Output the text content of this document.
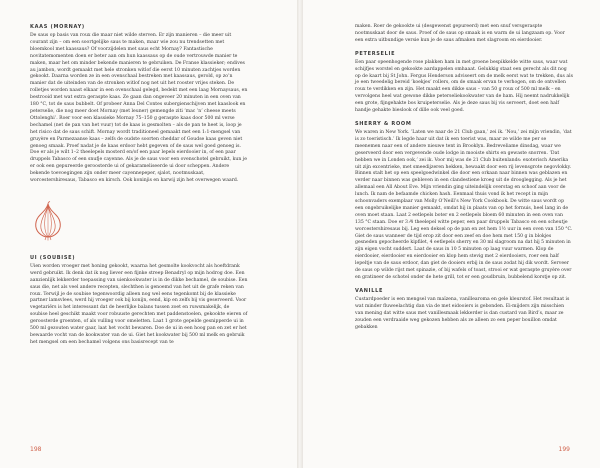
KAAS (MORNAY)

De saus op basis van roux die maar niet wilde sterven. Er zijn manieren – die meer uit courant zijn – om een soortgelijke saus te maken, maar wie zou nu trendsetten met bloemkool met kaassaus? Of voorzijdelen met saus echt Mornay? Fantastische novitatemomenten doen er beter aan om hun kaassaus op de oude vertrouwde manier te maken, maar het om minder bekende manieren te gebruiken. De Franse klassieker; endives au jambon, wordt gemaakt met hele stronken witlof die eerst 10 minuten zachtjes worden gekookt. Daarna worden ze in een ovenschaal bestreken met kaassaus, gerold, op zo’n manier dat de uiteinden van de stronken witlof nog net uit het rooster vrijes steken. De rolletjes worden naast elkaar in een ovenschaal gelegd, bedekt met een laag Mornaysaus, en bestrooid met wat extra geraspte kaas. Ze gaan dan ongeveer 20 minuten in een oven van 180 °C, tot de saus bubbelt. Of probeer Anna Del Contes subergienschijven met kaaslook en peterselie, die nog meer doet Mornay (met leuner) gemengde ziti ‘mac ’n’ cheese meets Ottolenghi’. Roer voor een klassieke Mornay 75–150 g geraspte kaas door 500 ml verse bechamel (net de pan van het vuur) tot de kaas is gesmolten – als de pan te heet is, loop je het risico dat de saus schift. Mornay wordt traditioneel gemaakt met een 1:1-mengsel van gruyère en Parmezaanse kaas – zelfs de oudste soorten cheddar of Goudse kaas geven niet genoeg smaak. Proef nadat je de kaas erdoor hebt gegeven of de saus wel goed genoeg is. Doe er als je wilt 1–2 theelepels mosterd en/of een paar lepels eierdooier in, of een paar druppels Tabasco of een snufje cayenne. Als je de saus voor een ovenschotel gebruikt, kun je er ook een gepureerde geroosterde ui of gekarameliseerde ui door scheppen. Andere bekende toevoegingen zijn onder meer cayennepeper, sjalot, nootmuskaat, worcestershiresaus, Tabasco en kirsch. Ook koninjis en karwij zijn het overwegen waard.

UI (SOUBISE)

Uien worden vroeger met honing gekookt, waarna het gesmolte kookvocht als hoeftdrank werd gebruikt. Ik denk dat ik nog liever een fijnke streep Benadryl op mijn hodrog doe. Een aanzienlijk lekkerder toepassing van uienkookwater is in de dikke bechamel, de soubise. Een saus die, net als veel andere recepten, slechthen is genoemd van het uit de grafe reken van roux. Terwijl je de soubise tegenwoordig alleen nog wel eens tegenkomt bij de klassieke partner lamsvlees, werd hij vroeger ook bij konijn, eend, kip en zelfs bij vis geserveerd. Voor vegetariërs is het interessant dat de heerlijke balans tussen zoet en ruwsmakelijk, de soubise heel geschikt maakt voor robuuste gerechten met paddenstoelen, gekookte eieren of geroosterde groenten, of als vulling voor omeletten. Laat 1 grote gepelde gesnipperde ui in 500 ml gezouten water gaar, laat het vocht bewaren. Doe de ui in een hoog pan en zet er het bewaarde vocht van de kookwater van de ui. Giet het kookwater bij 500 ml melk en gebruik het mengsel om een bechamel volgens ons basisrecept van te

198

maken. Roer de gekookte ui (desgewenst gepureerd) met een snuf versgeraspte nootmuskaat door de saus. Proef of de saus op smaak is en warm de ui langzaam op. Voor een extra uitbundige versie kun je de saus afmaken met slagroom en eierdooier.

PETERSELIE

Een paar opeenhogende rose plakken ham in met groene bespikkelde witte saus, waar wat schijfjes worstel en gekookte aardappelen omhaaat. Gelukkig staat een gerecht als dit nog op de kaart bij St John. Fergus Henderson adviseert om de melk eerst wat te trekken, dus als je een tweedelig bereid ‘koekjes’ rollers, om de smaak ervan te verhogen, om de ontvellen roux te verdikken en zijn. Het maakt een dikke saus – van 50 g roux of 500 ml melk – en vervolgens heel wat gewone dikke peterseliekookwater van de ham. Hij neemt nadrukkelijk een grote, fijngehakte bos kruipeterselie. Als je deze saus bij vis serveert, doet een half handje gehakte bieslook of dille ook veel goed.

SHERRY & ROOM

We waren in New York. ‘Laten we naar de 21 Club gaan,’ zei ik. ‘Nou,’ zei mijn vriendin, ‘dat is zo toeristisch.’ Ik legde haar uit dat ik een toerist was, maar ze wilde me per se meenemen naar een of andere nieuwe tent in Brooklyn. Bedreveliame dinsdag, waar we geserveerd door een vergevende oude lodge in mooiste shirts en gewaste snorren. ‘Dat hebben we in Londen ook,’ zei ik. Voor mij was de 21 Club buitenlands: exoterisch Amerika uit zijn excentrieke, met smeedijzeren hekken, hewaakt door een rij levensgrote negovlokky. Binnen stalt het op een speelgoedwinkel die door een orkaan naar binnen was geblazen en verder naar binnen was gebleven in een clandestiene kroeg uit de drooglegging. Als je het allemaal een All About Eve. Mijn vriendin ging uiteindelijk overstag en schoof aan voor de lunch. Ik nam de befaamde chicken hash. Eenmaal thuis vond ik het recept in mijn schoonvaders exemplaar van Molly O’Neill’s New York Cookbook. De witte saus wordt op een ongebruikelijke manier gemaakt, omdat hij in plaats van op het fornuis, heel lang in de oven moet staan. Laat 2 eetlepels boter en 2 eetlepels bloem 60 minuten in een oven van 135 °C staan. Doe er 3 ⁄4 theelepel witte peper, een paar druppels Tabasco en een scheutje worcestershiresaus bij. Leg een deksel op de pan en zet hem 1½ uur in een oven van 150 °C. Giet de saus wanneer de tijd erop zit door een zeef en doe hem met 150 g in blokjes gesneden gepocheerde kipfilet, 4 eetlepels sherry en 30 ml slagroom na dat hij 5 minuten in zijn eigen vocht suddert. Laat de saus in 10 5 minuten op laag vuur warmen. Klop de eierdooier, eierdooier en eierdooier en klop hem stevig met 2 eierdooiers, roer een half lepeltje van de saus erdoor, dan giet de dooiers erbij in de saus zodat hij dik wordt. Serveer de saus op wilde rijst met spinazie, of bij wafels of toast, strooi er wat geraspte gruyère over en gratineer de schotel onder de hete grill, tot er een goudbruin, bubbelend korstje op zit.

VANILLE

Custardpoeder is een mengsel van maïzena, vanillearoma en gele kleurstof. Het resultaat is wat minder fluweelachtig dan via de met eidooiers is gebonden. Ei-mijders zijn misschien van mening dat witte saus met vanillesmaak lekkerder is dan custard van Bird’s, maar ze zouden een verdraaide weg gekozen hebben als ze alleen zo een peper bouillon omdat gebakken

199
